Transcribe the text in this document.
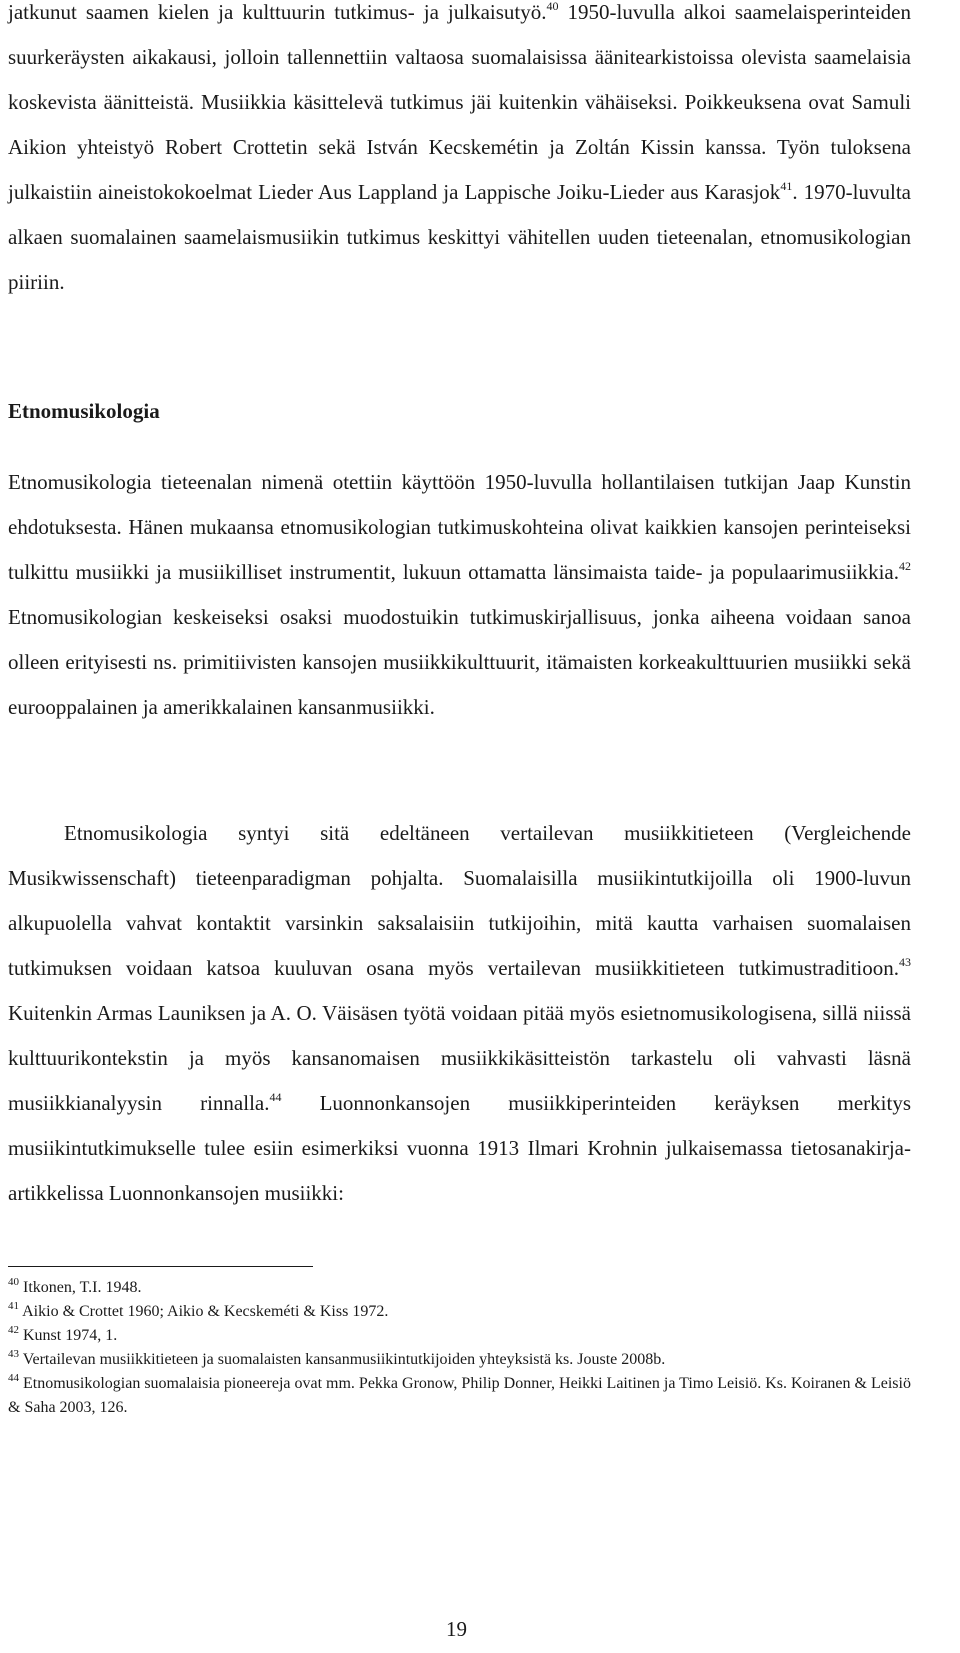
jatkunut saamen kielen ja kulttuurin tutkimus- ja julkaisutyö.$^{40}$ 1950-luvulla alkoi saamelaisperinteiden suurkeräysten aikakausi, jolloin tallennettiin valtaosa suomalaisissa äänitearkistoissa olevista saamelaisia koskevista äänitteistä. Musiikkia käsittelevä tutkimus jäi kuitenkin vähäiseksi. Poikkeuksena ovat Samuli Aikion yhteistyö Robert Crottetin sekä István Kecskemétin ja Zoltán Kissin kanssa. Työn tuloksena julkaistiin aineistokokoelmat Lieder Aus Lappland ja Lappische Joiku-Lieder aus Karasjok$^{41}$. 1970-luvulta alkaen suomalainen saamelaismusiikin tutkimus keskittyi vähitellen uuden tieteenalan, etnomusikologian piiriin.

Etnomusikologia

Etnomusikologia tieteenalan nimenä otettiin käyttöön 1950-luvulla hollantilaisen tutkijan Jaap Kunstin ehdotuksesta. Hänen mukaansa etnomusikologian tutkimuskohteina olivat kaikkien kansojen perinteiseksi tulkittu musiikki ja musiikilliset instrumentit, lukuun ottamatta länsimaista taide- ja populaarimusiikkia.$^{42}$ Etnomusikologian keskeiseksi osaksi muodostuikin tutkimuskirjallisuus, jonka aiheena voidaan sanoa olleen erityisesti ns. primitiivisten kansojen musiikkikulttuurit, itämaisten korkeakulttuurien musiikki sekä eurooppalainen ja amerikkalainen kansanmusiikki.

Etnomusikologia syntyi sitä edeltäneen vertailevan musiikkitieteen (Vergleichende Musikwissenschaft) tieteenparadigman pohjalta. Suomalaisilla musiikintutkijoilla oli 1900-luvun alkupuolella vahvat kontaktit varsinkin saksalaisiin tutkijoihin, mitä kautta varhaisen suomalaisen tutkimuksen voidaan katsoa kuuluvan osana myös vertailevan musiikkitieteen tutkimustraditioon.$^{43}$ Kuitenkin Armas Launiksen ja A. O. Väisäsen työtä voidaan pitää myös esietnomusikologisena, sillä niissä kulttuurikontekstin ja myös kansanomaisen musiikkikäsitteistön tarkastelu oli vahvasti läsnä musiikkianalyysin rinnalla.$^{44}$ Luonnonkansojen musiikkiperinteiden keräyksen merkitys musiikintutkimukselle tulee esiin esimerkiksi vuonna 1913 Ilmari Krohnin julkaisemassa tietosanakirja-artikkelissa Luonnonkansojen musiikki:

$^{40}$ Itkonen, T.I. 1948.
$^{41}$ Aikio & Crottet 1960; Aikio & Kecskeméti & Kiss 1972.
$^{42}$ Kunst 1974, 1.
$^{43}$ Vertailevan musiikkitieteen ja suomalaisten kansanmusiikintutkijoiden yhteyksistä ks. Jouste 2008b.
$^{44}$ Etnomusikologian suomalaisia pioneereja ovat mm. Pekka Gronow, Philip Donner, Heikki Laitinen ja Timo Leisiö. Ks. Koiranen & Leisiö & Saha 2003, 126.
19
